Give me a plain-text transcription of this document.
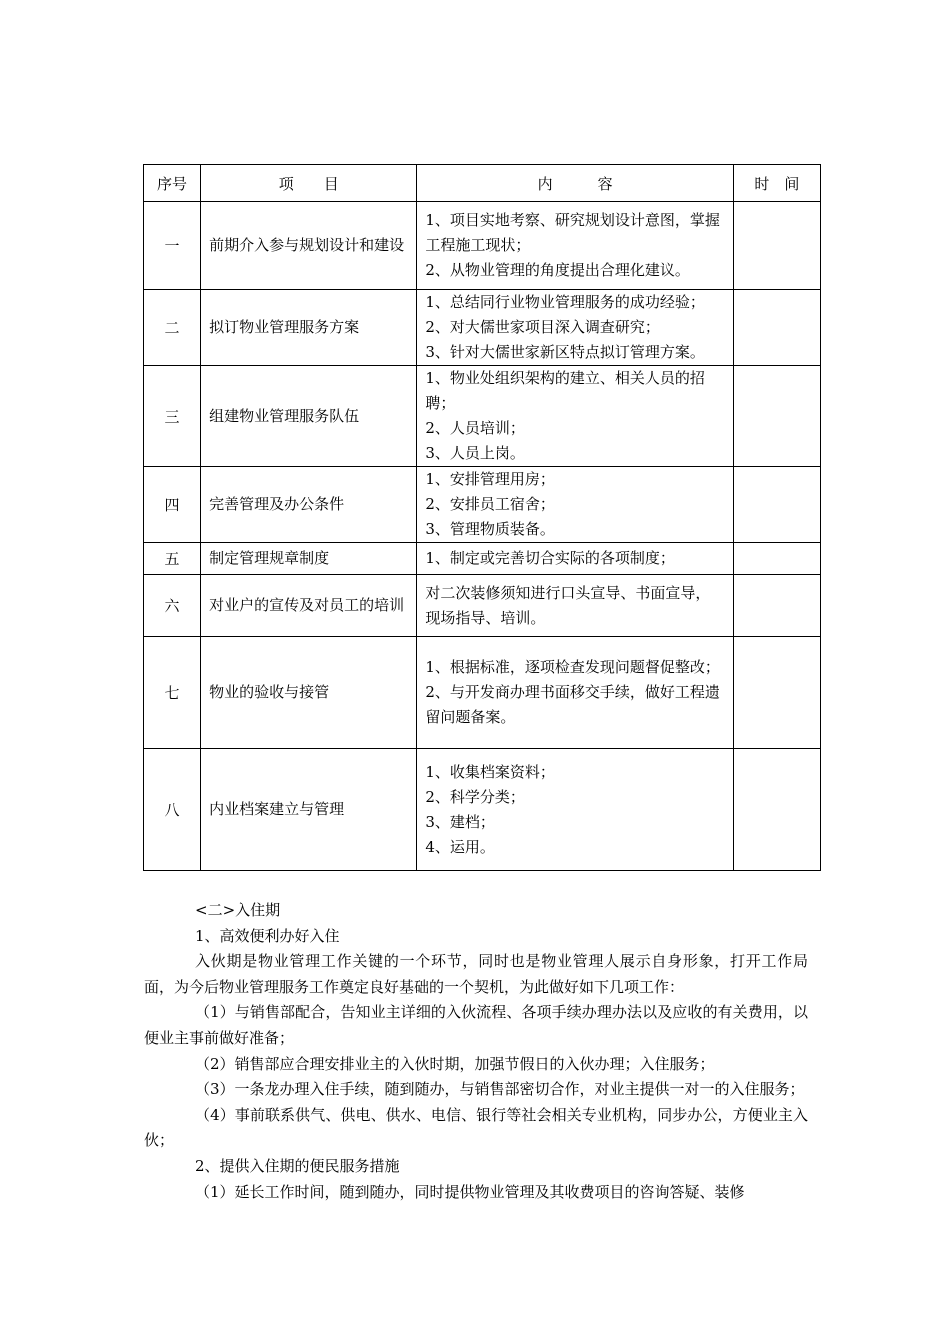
序号	项　　目	内　　　容	时　间
一	前期介入参与规划设计和建设	1、项目实地考察、研究规划设计意图，掌握工程施工现状；
2、从物业管理的角度提出合理化建议。	

二	拟订物业管理服务方案	1、总结同行业物业管理服务的成功经验；
2、对大儒世家项目深入调查研究；
3、针对大儒世家新区特点拟订管理方案。	

三	组建物业管理服务队伍	1、物业处组织架构的建立、相关人员的招聘；
2、人员培训；
3、人员上岗。	

四	完善管理及办公条件	1、安排管理用房；
2、安排员工宿舍；
3、管理物质装备。	

五	制定管理规章制度	1、制定或完善切合实际的各项制度；	

六	对业户的宣传及对员工的培训	对二次装修须知进行口头宣导、书面宣导，现场指导、培训。	

七	物业的验收与接管	1、根据标准，逐项检查发现问题督促整改；
2、与开发商办理书面移交手续，做好工程遗留问题备案。	

八	内业档案建立与管理	1、收集档案资料；
2、科学分类；
3、建档；
4、运用。	

<二>入住期

1、高效便利办好入住

入伙期是物业管理工作关键的一个环节，同时也是物业管理人展示自身形象，打开工作局面，为今后物业管理服务工作奠定良好基础的一个契机，为此做好如下几项工作：

（1）与销售部配合，告知业主详细的入伙流程、各项手续办理办法以及应收的有关费用，以便业主事前做好准备；

（2）销售部应合理安排业主的入伙时期，加强节假日的入伙办理；入住服务；

（3）一条龙办理入住手续，随到随办，与销售部密切合作，对业主提供一对一的入住服务；

（4）事前联系供气、供电、供水、电信、银行等社会相关专业机构，同步办公，方便业主入伙；

2、提供入住期的便民服务措施

（1）延长工作时间，随到随办，同时提供物业管理及其收费项目的咨询答疑、装修
